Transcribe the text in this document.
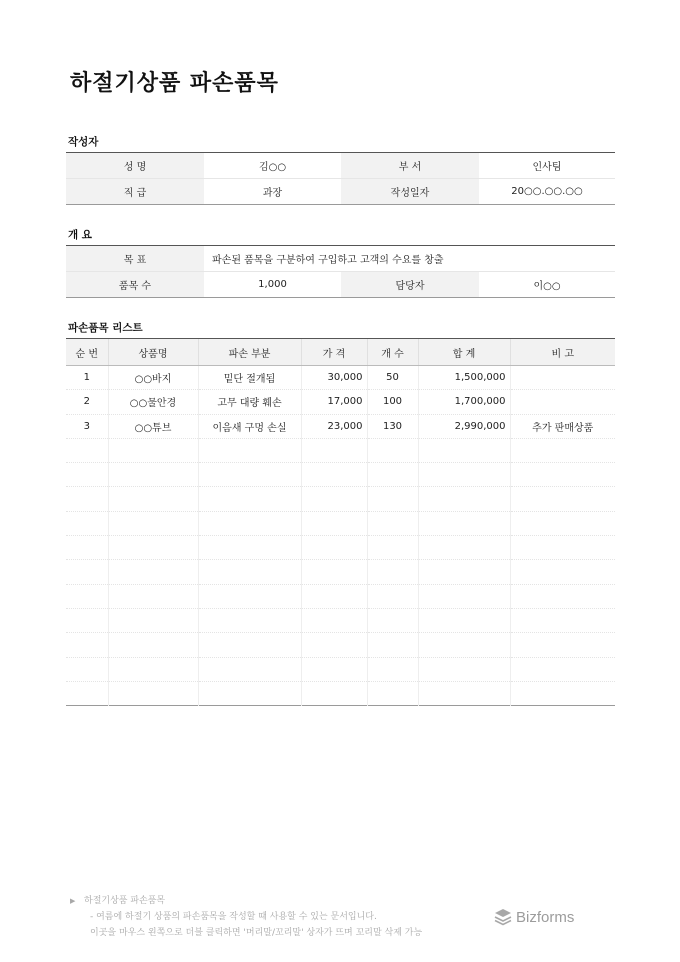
하절기상품 파손품목
작성자
성 명	김○○	부 서	인사팀
직 급	과장	작성일자	20○○.○○.○○
개 요
목 표	파손된 품목을 구분하여 구입하고 고객의 수요를 창출		
품목 수	1,000	담당자	이○○
파손품목 리스트
순 번	상품명	파손 부분	가 격	개 수	합 계	비 고
1	○○바지	밑단 절개됨	30,000	50	1,500,000	
2	○○물안경	고무 대량 훼손	17,000	100	1,700,000	
3	○○튜브	이음새 구멍 손실	23,000	130	2,990,000	추가 판매상품

▶ 하절기상품 파손품목
- 여름에 하절기 상품의 파손품목을 작성할 때 사용할 수 있는 문서입니다.
이곳을 마우스 왼쪽으로 더블 클릭하면 '머리말/꼬리말' 상자가 뜨며 꼬리말 삭제 가능
Bizforms
